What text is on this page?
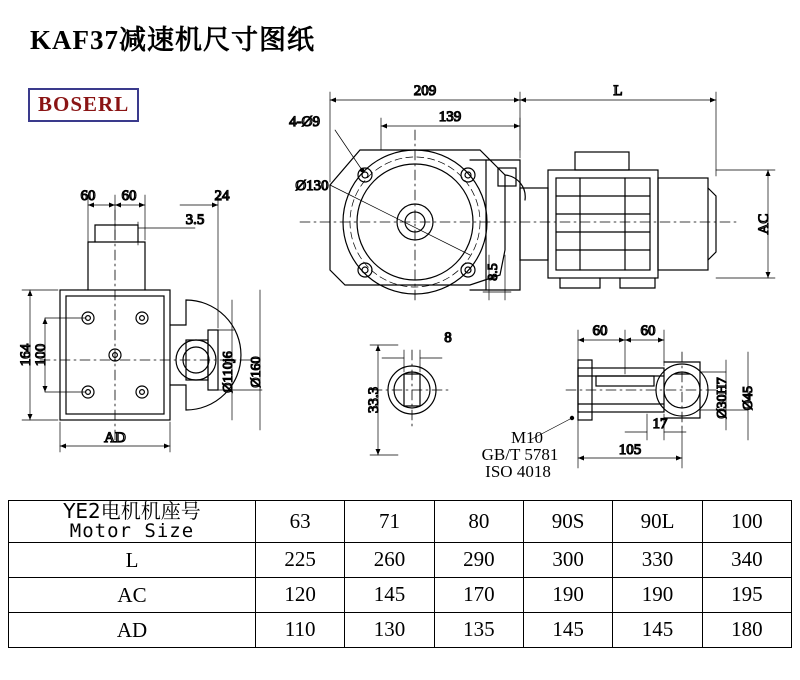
KAF37减速机尺寸图纸
BOSERL
60 60	24
3.5
164 100
AD
Ø110j6 Ø160
209	L
139
4-Ø9
Ø130
AC
8.5
8
33.3
60 60
17
105
Ø30H7 Ø45
M10
GB/T 5781
ISO 4018
YE2电机机座号
Motor Size	63	71	80	90S	90L	100
L	225	260	290	300	330	340
AC	120	145	170	190	190	195
AD	110	130	135	145	145	180
